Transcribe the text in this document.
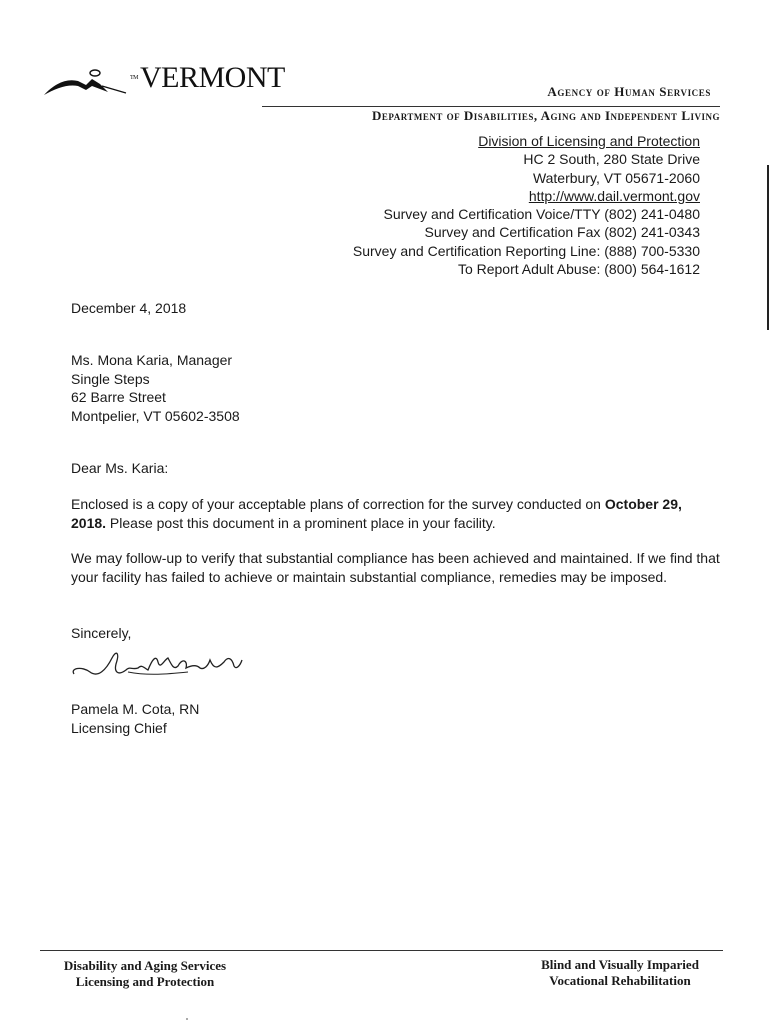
TMVERMONT	Agency of Human Services
Department of Disabilities, Aging and Independent Living
Division of Licensing and Protection
HC 2 South, 280 State Drive
Waterbury, VT 05671-2060
http://www.dail.vermont.gov
Survey and Certification Voice/TTY (802) 241-0480
Survey and Certification Fax (802) 241-0343
Survey and Certification Reporting Line: (888) 700-5330
To Report Adult Abuse: (800) 564-1612
December 4, 2018
Ms. Mona Karia, Manager
Single Steps
62 Barre Street
Montpelier, VT 05602-3508
Dear Ms. Karia:
Enclosed is a copy of your acceptable plans of correction for the survey conducted on October 29, 2018. Please post this document in a prominent place in your facility.
We may follow-up to verify that substantial compliance has been achieved and maintained. If we find that your facility has failed to achieve or maintain substantial compliance, remedies may be imposed.
Sincerely,
Pamela M. Cota, RN
Licensing Chief
Disability and Aging Services
Licensing and Protection
Blind and Visually Imparied
Vocational Rehabilitation
